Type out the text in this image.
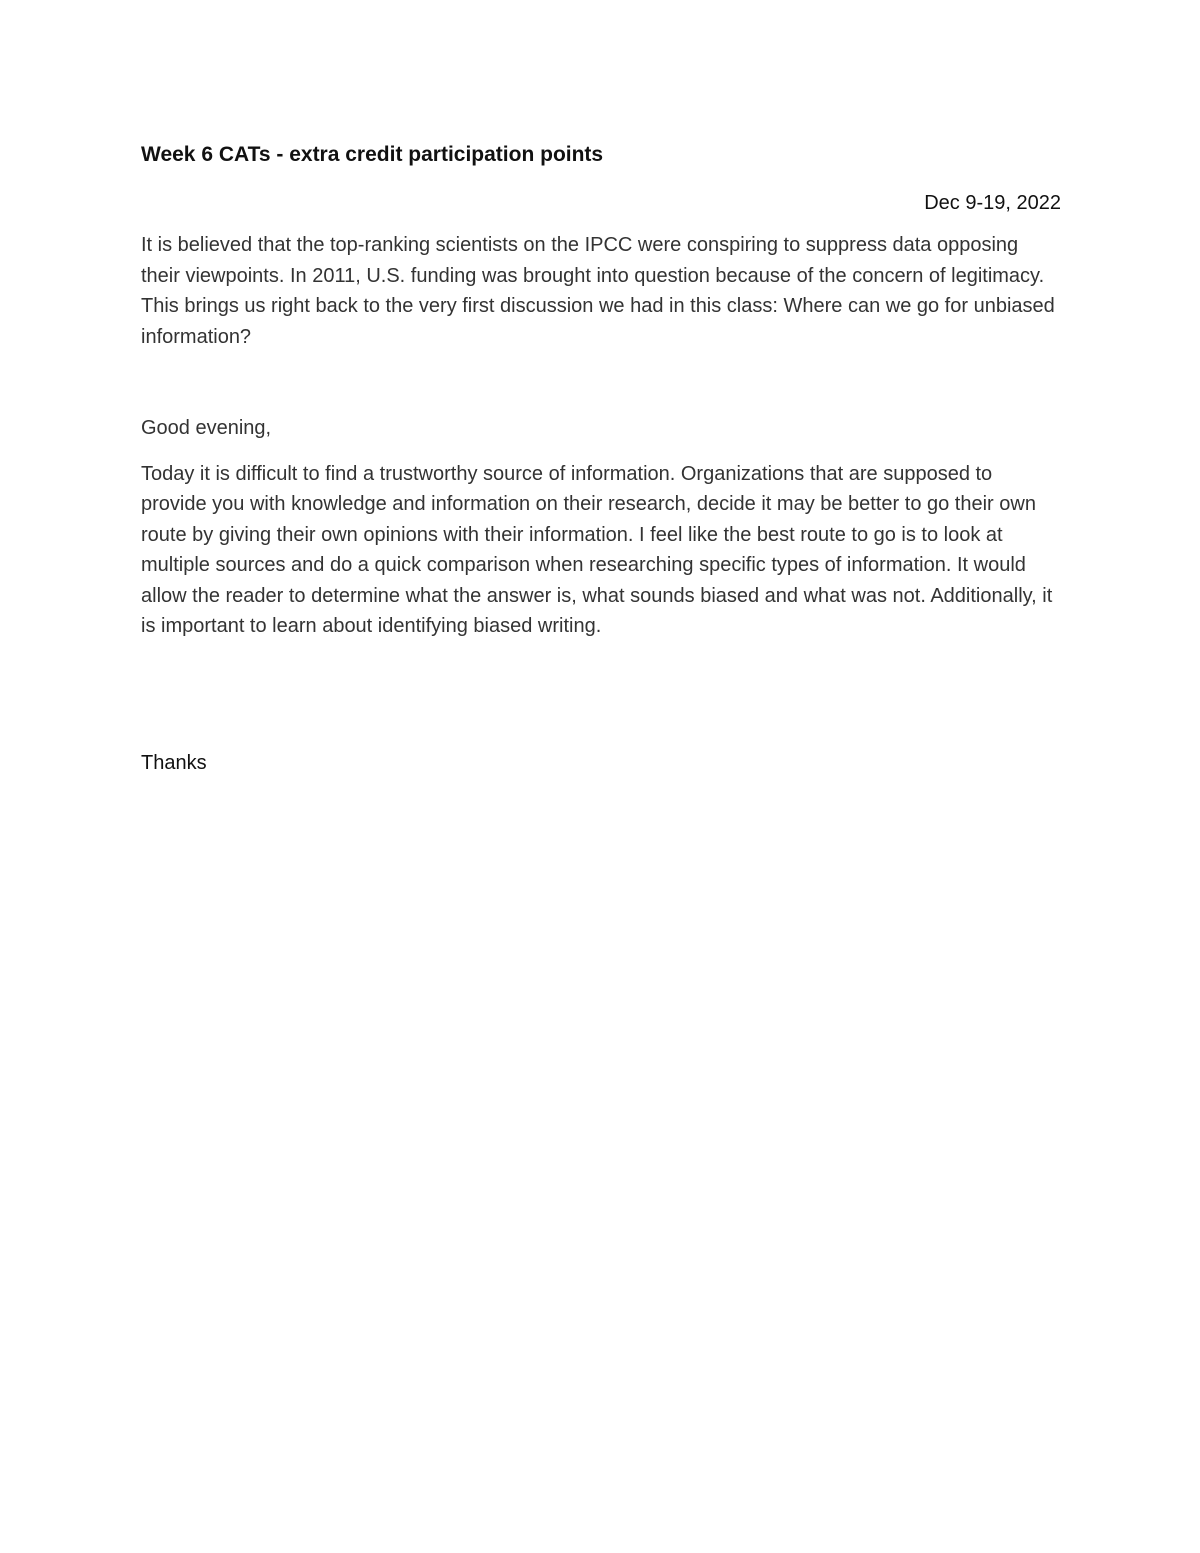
Week 6 CATs - extra credit participation points

Dec 9-19, 2022

It is believed that the top-ranking scientists on the IPCC were conspiring to suppress data opposing their viewpoints. In 2011, U.S. funding was brought into question because of the concern of legitimacy. This brings us right back to the very first discussion we had in this class: Where can we go for unbiased information?

Good evening,

Today it is difficult to find a trustworthy source of information. Organizations that are supposed to provide you with knowledge and information on their research, decide it may be better to go their own route by giving their own opinions with their information. I feel like the best route to go is to look at multiple sources and do a quick comparison when researching specific types of information. It would allow the reader to determine what the answer is, what sounds biased and what was not. Additionally, it is important to learn about identifying biased writing.

Thanks
